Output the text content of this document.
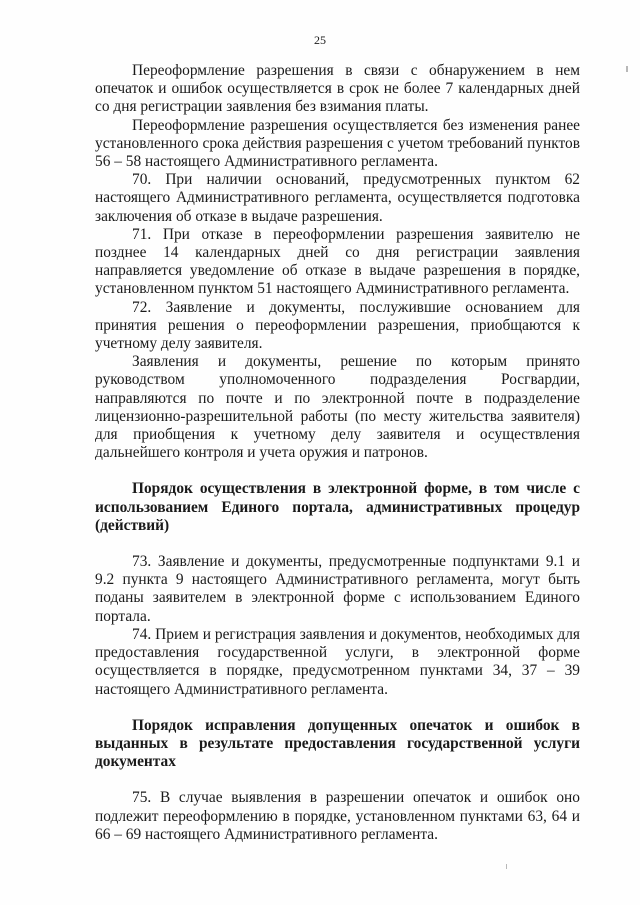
25

Переоформление разрешения в связи с обнаружением в нем опечаток и ошибок осуществляется в срок не более 7 календарных дней со дня регистрации заявления без взимания платы.

Переоформление разрешения осуществляется без изменения ранее установленного срока действия разрешения с учетом требований пунктов 56 – 58 настоящего Административного регламента.

70. При наличии оснований, предусмотренных пунктом 62 настоящего Административного регламента, осуществляется подготовка заключения об отказе в выдаче разрешения.

71. При отказе в переоформлении разрешения заявителю не позднее 14 календарных дней со дня регистрации заявления направляется уведомление об отказе в выдаче разрешения в порядке, установленном пунктом 51 настоящего Административного регламента.

72. Заявление и документы, послужившие основанием для принятия решения о переоформлении разрешения, приобщаются к учетному делу заявителя.

Заявления и документы, решение по которым принято руководством уполномоченного подразделения Росгвардии, направляются по почте и по электронной почте в подразделение лицензионно-разрешительной работы (по месту жительства заявителя) для приобщения к учетному делу заявителя и осуществления дальнейшего контроля и учета оружия и патронов.

Порядок осуществления в электронной форме, в том числе с использованием Единого портала, административных процедур (действий)

73. Заявление и документы, предусмотренные подпунктами 9.1 и 9.2 пункта 9 настоящего Административного регламента, могут быть поданы заявителем в электронной форме с использованием Единого портала.

74. Прием и регистрация заявления и документов, необходимых для предоставления государственной услуги, в электронной форме осуществляется в порядке, предусмотренном пунктами 34, 37 – 39 настоящего Административного регламента.

Порядок исправления допущенных опечаток и ошибок в выданных в результате предоставления государственной услуги документах

75. В случае выявления в разрешении опечаток и ошибок оно подлежит переоформлению в порядке, установленном пунктами 63, 64 и 66 – 69 настоящего Административного регламента.
